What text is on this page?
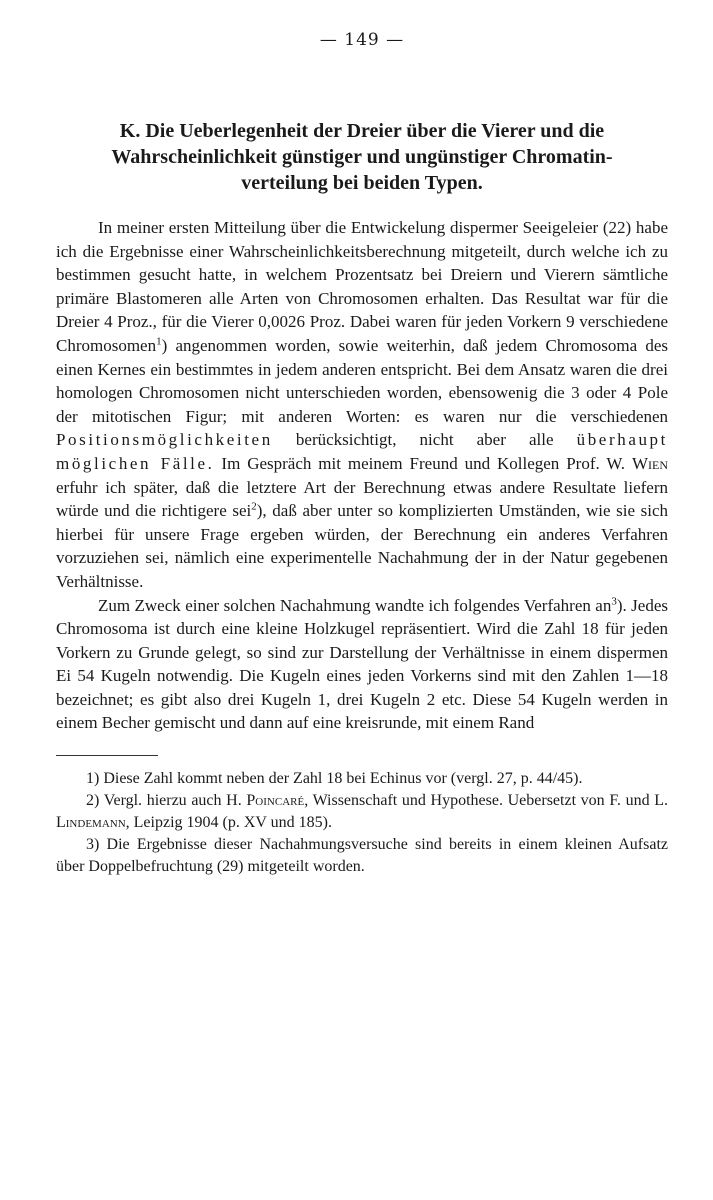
— 149 —
K. Die Ueberlegenheit der Dreier über die Vierer und die
Wahrscheinlichkeit günstiger und ungünstiger Chromatin-
verteilung bei beiden Typen.

In meiner ersten Mitteilung über die Entwickelung dispermer Seeigeleier (22) habe ich die Ergebnisse einer Wahrscheinlichkeitsberechnung mitgeteilt, durch welche ich zu bestimmen gesucht hatte, in welchem Prozentsatz bei Dreiern und Vierern sämtliche primäre Blastomeren alle Arten von Chromosomen erhalten. Das Resultat war für die Dreier 4 Proz., für die Vierer 0,0026 Proz. Dabei waren für jeden Vorkern 9 verschiedene Chromosomen$^1$) angenommen worden, sowie weiterhin, daß jedem Chromosoma des einen Kernes ein bestimmtes in jedem anderen entspricht. Bei dem Ansatz waren die drei homologen Chromosomen nicht unterschieden worden, ebensowenig die 3 oder 4 Pole der mitotischen Figur; mit anderen Worten: es waren nur die verschiedenen Positionsmöglichkeiten berücksichtigt, nicht aber alle überhaupt möglichen Fälle. Im Gespräch mit meinem Freund und Kollegen Prof. W. Wien erfuhr ich später, daß die letztere Art der Berechnung etwas andere Resultate liefern würde und die richtigere sei$^2$), daß aber unter so komplizierten Umständen, wie sie sich hierbei für unsere Frage ergeben würden, der Berechnung ein anderes Verfahren vorzuziehen sei, nämlich eine experimentelle Nachahmung der in der Natur gegebenen Verhältnisse.

Zum Zweck einer solchen Nachahmung wandte ich folgendes Verfahren $an^3$). Jedes Chromosoma ist durch eine kleine Holzkugel repräsentiert. Wird die Zahl 18 für jeden Vorkern zu Grunde gelegt, so sind zur Darstellung der Verhältnisse in einem dispermen Ei 54 Kugeln notwendig. Die Kugeln eines jeden Vorkerns sind mit den Zahlen 1—18 bezeichnet; es gibt also drei Kugeln 1, drei Kugeln 2 etc. Diese 54 Kugeln werden in einem Becher gemischt und dann auf eine kreisrunde, mit einem Rand

1) Diese Zahl kommt neben der Zahl 18 bei Echinus vor (vergl. 27, p. 44/45).

2) Vergl. hierzu auch H. Poincaré, Wissenschaft und Hypothese. Uebersetzt von F. und L. Lindemann, Leipzig 1904 (p. XV und 185).

3) Die Ergebnisse dieser Nachahmungsversuche sind bereits in einem kleinen Aufsatz über Doppelbefruchtung (29) mitgeteilt worden.
